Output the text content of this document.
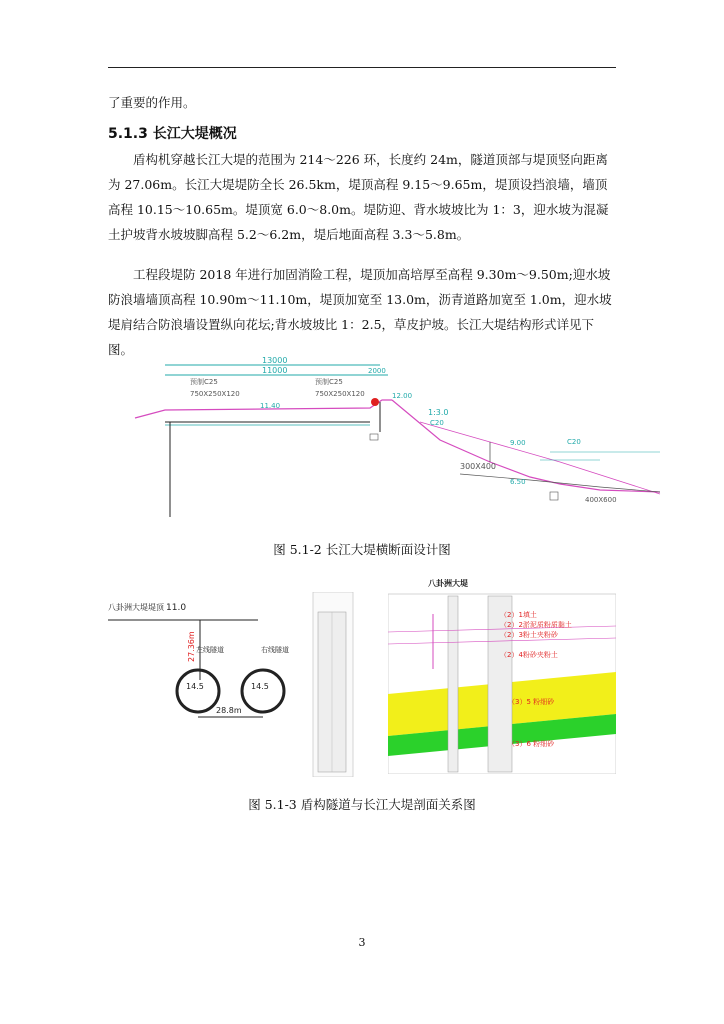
了重要的作用。
5.1.3 长江大堤概况
盾构机穿越长江大堤的范围为 214～226 环，长度约 24m，隧道顶部与堤顶竖向距离为 27.06m。长江大堤堤防全长 26.5km，堤顶高程 9.15～9.65m，堤顶设挡浪墙，墙顶高程 10.15～10.65m。堤顶宽 6.0～8.0m。堤防迎、背水坡坡比为 1：3，迎水坡为混凝土护坡背水坡坡脚高程 5.2～6.2m，堤后地面高程 3.3～5.8m。
工程段堤防 2018 年进行加固消险工程，堤顶加高培厚至高程 9.30m～9.50m;迎水坡防浪墙墙顶高程 10.90m～11.10m，堤顶加宽至 13.0m，沥青道路加宽至 1.0m，迎水坡堤肩结合防浪墙设置纵向花坛;背水坡坡比 1：2.5，草皮护坡。长江大堤结构形式详见下图。
13000
11000	2000
预制C25
750X250X120
预制C25
750X250X120
11.40
12.00
1:3.0
C20
9.00	C20
300X400
6.50
400X600
图 5.1-2 长江大堤横断面设计图
八卦洲大堤堤顶 11.0
27.36m 左线隧道	右线隧道
14.5	14.5
28.8m
八卦洲大堤
（2）1填土
（2）2淤泥质粉质黏土
（2）3粉土夹粉砂
（2）4粉砂夹粉土
（3）5 粉细砂
（3）6 粉细砂
图 5.1-3 盾构隧道与长江大堤剖面关系图
3
